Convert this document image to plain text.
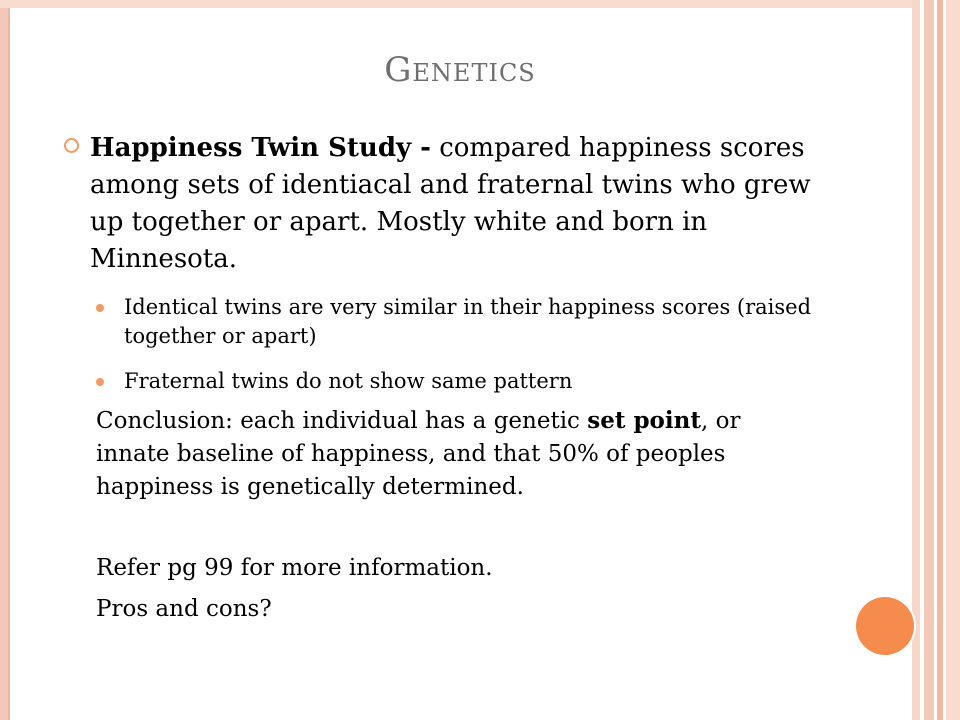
Genetics
Happiness Twin Study - compared happiness scores among sets of identiacal and fraternal twins who grew up together or apart. Mostly white and born in Minnesota.
Identical twins are very similar in their happiness scores (raised together or apart)
Fraternal twins do not show same pattern
Conclusion: each individual has a genetic set point, or innate baseline of happiness, and that 50% of peoples happiness is genetically determined.
Refer pg 99 for more information.
Pros and cons?
